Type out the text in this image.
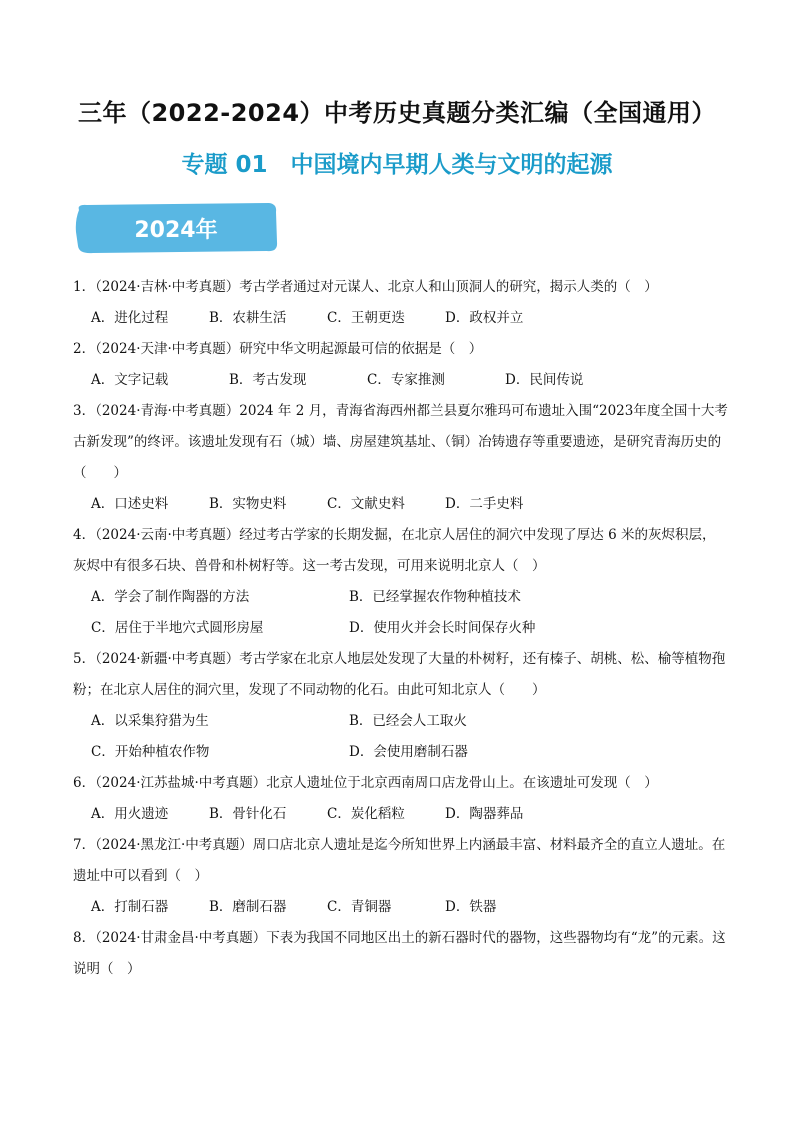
三年（2022-2024）中考历史真题分类汇编（全国通用）
专题 01　中国境内早期人类与文明的起源
2024年

1．（2024·吉林·中考真题）考古学者通过对元谋人、北京人和山顶洞人的研究，揭示人类的（　）

A．进化过程	B．农耕生活	C．王朝更迭	D．政权并立

2．（2024·天津·中考真题）研究中华文明起源最可信的依据是（　）

A．文字记载	B．考古发现	C．专家推测	D．民间传说

3．（2024·青海·中考真题）2024 年 2 月，青海省海西州都兰县夏尔雅玛可布遗址入围“2023年度全国十大考古新发现”的终评。该遗址发现有石（城）墙、房屋建筑基址、（铜）冶铸遗存等重要遗迹，是研究青海历史的（　　）

A．口述史料	B．实物史料	C．文献史料	D．二手史料

4．（2024·云南·中考真题）经过考古学家的长期发掘，在北京人居住的洞穴中发现了厚达 6 米的灰烬积层，灰烬中有很多石块、兽骨和朴树籽等。这一考古发现，可用来说明北京人（　）

A．学会了制作陶器的方法	B．已经掌握农作物种植技术
C．居住于半地穴式圆形房屋	D．使用火并会长时间保存火种

5．（2024·新疆·中考真题）考古学家在北京人地层处发现了大量的朴树籽，还有榛子、胡桃、松、榆等植物孢粉；在北京人居住的洞穴里，发现了不同动物的化石。由此可知北京人（　　）

A．以采集狩猎为生	B．已经会人工取火
C．开始种植农作物	D．会使用磨制石器

6．（2024·江苏盐城·中考真题）北京人遗址位于北京西南周口店龙骨山上。在该遗址可发现（　）

A．用火遗迹	B．骨针化石	C．炭化稻粒	D．陶器葬品

7．（2024·黑龙江·中考真题）周口店北京人遗址是迄今所知世界上内涵最丰富、材料最齐全的直立人遗址。在遗址中可以看到（　）

A．打制石器	B．磨制石器	C．青铜器	D．铁器

8．（2024·甘肃金昌·中考真题）下表为我国不同地区出土的新石器时代的器物，这些器物均有“龙”的元素。这说明（　）
